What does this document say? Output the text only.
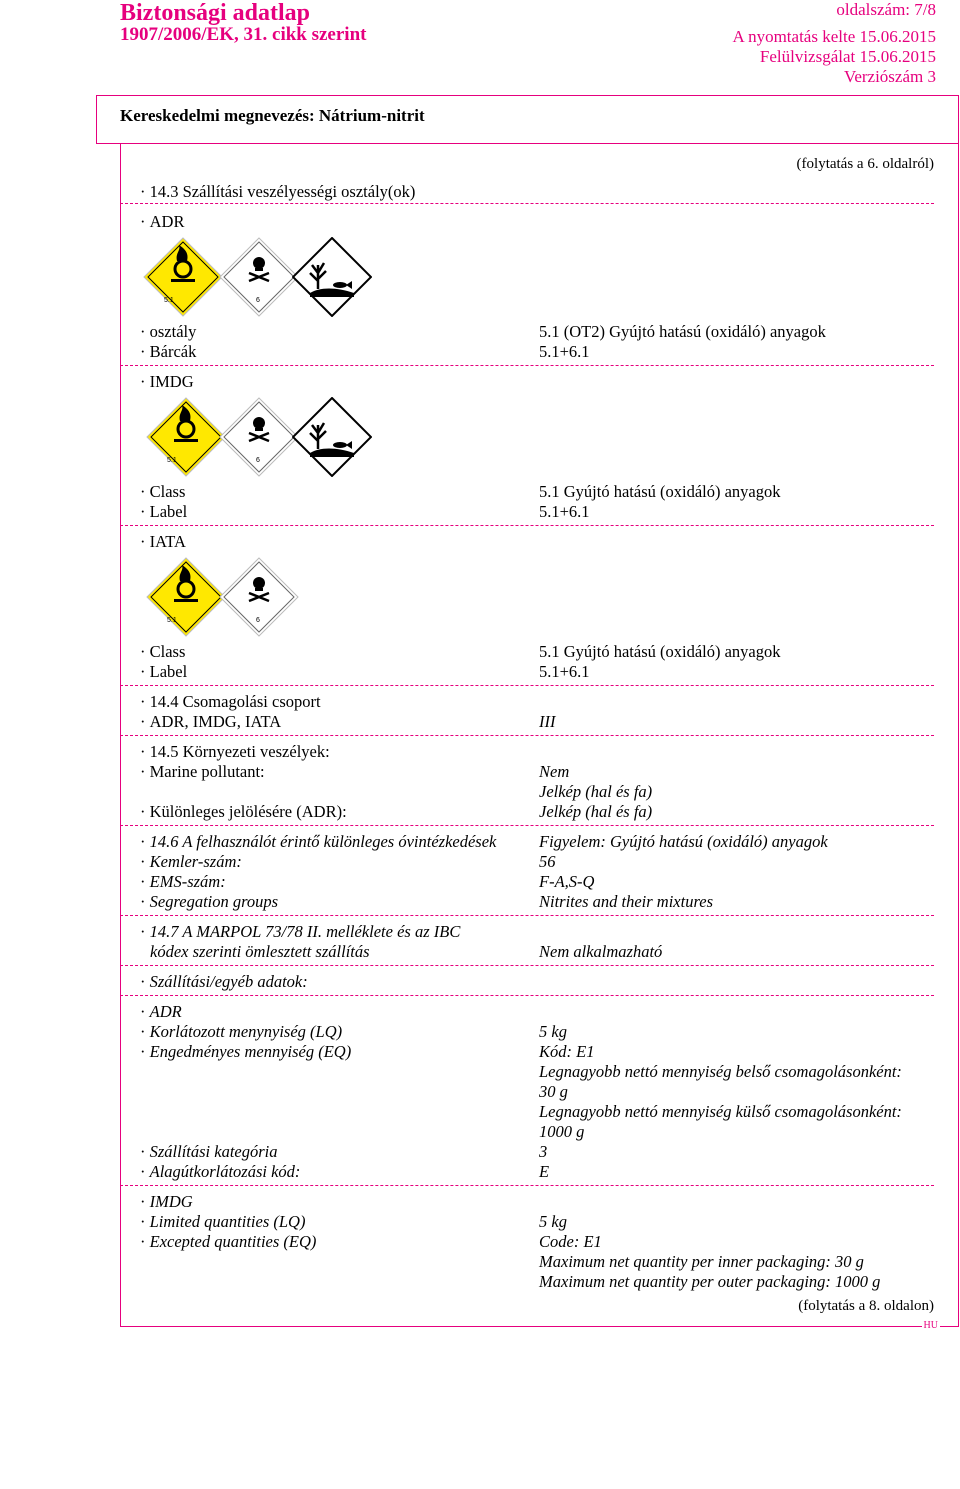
Biztonsági adatlap
1907/2006/EK, 31. cikk szerint
oldalszám: 7/8
A nyomtatás kelte 15.06.2015
Felülvizsgálat 15.06.2015
Verziószám 3
Kereskedelmi megnevezés: Nátrium-nitrit
(folytatás a 6. oldalról)
· 14.3 Szállítási veszélyességi osztály(ok)
· ADR
5.1	6
· osztály	5.1 (OT2) Gyújtó hatású (oxidáló) anyagok
· Bárcák	5.1+6.1
· IMDG
5.1	6
· Class	5.1 Gyújtó hatású (oxidáló) anyagok
· Label	5.1+6.1
· IATA
5.1	6
· Class	5.1 Gyújtó hatású (oxidáló) anyagok
· Label	5.1+6.1
· 14.4 Csomagolási csoport
· ADR, IMDG, IATA	III
· 14.5 Környezeti veszélyek:
· Marine pollutant:	Nem
Jelkép (hal és fa)
· Különleges jelölésére (ADR):	Jelkép (hal és fa)
· 14.6 A felhasználót érintő különleges óvintézkedések	Figyelem: Gyújtó hatású (oxidáló) anyagok
· Kemler-szám:	56
· EMS-szám:	F-A,S-Q
· Segregation groups	Nitrites and their mixtures
· 14.7 A MARPOL 73/78 II. melléklete és az IBC
kódex szerinti ömlesztett szállítás	Nem alkalmazható
· Szállítási/egyéb adatok:
· ADR
· Korlátozott menynyiség (LQ)	5 kg
· Engedményes mennyiség (EQ)	Kód: E1
Legnagyobb nettó mennyiség belső csomagolásonként:
30 g
Legnagyobb nettó mennyiség külső csomagolásonként:
1000 g
· Szállítási kategória	3
· Alagútkorlátozási kód:	E
· IMDG
· Limited quantities (LQ)	5 kg
· Excepted quantities (EQ)	Code: E1
Maximum net quantity per inner packaging: 30 g
Maximum net quantity per outer packaging: 1000 g
(folytatás a 8. oldalon)
HU
